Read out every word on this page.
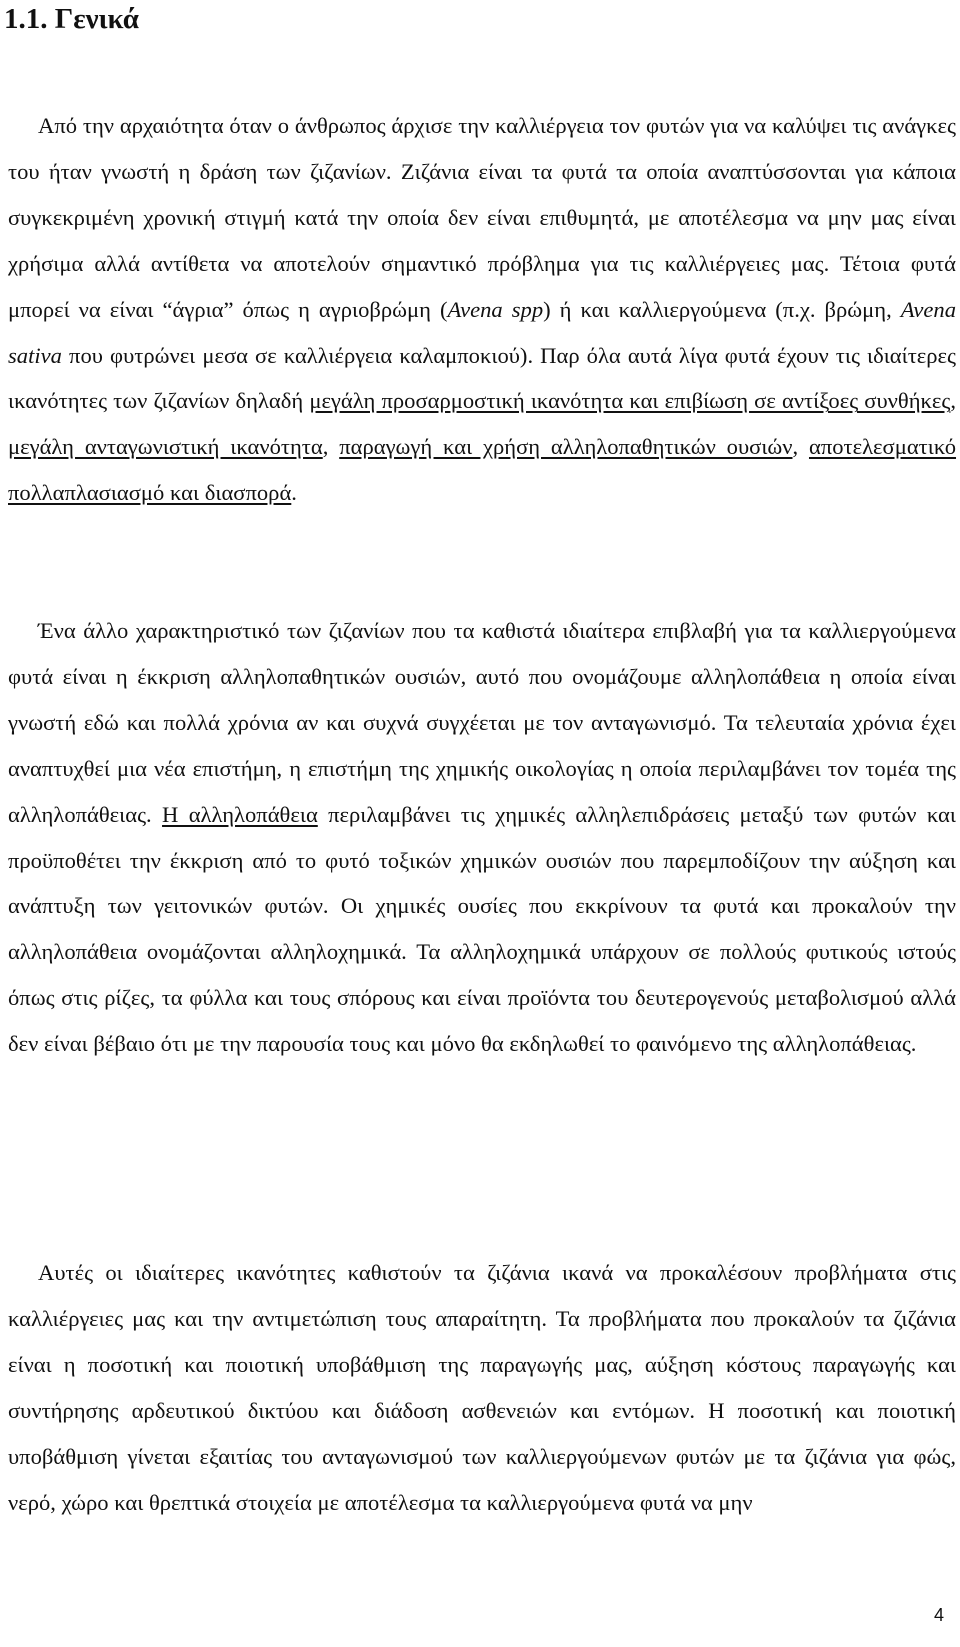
1.1. Γενικά

Από την αρχαιότητα όταν ο άνθρωπος άρχισε την καλλιέργεια τον φυτών για να καλύψει τις ανάγκες του ήταν γνωστή η δράση των ζιζανίων. Ζιζάνια είναι τα φυτά τα οποία αναπτύσσονται για κάποια συγκεκριμένη χρονική στιγμή κατά την οποία δεν είναι επιθυμητά, με αποτέλεσμα να μην μας είναι χρήσιμα αλλά αντίθετα να αποτελούν σημαντικό πρόβλημα για τις καλλιέργειες μας. Τέτοια φυτά μπορεί να είναι “άγρια” όπως η αγριοβρώμη (Avena spp) ή και καλλιεργούμενα (π.χ. βρώμη, Avena sativa που φυτρώνει μεσα σε καλλιέργεια καλαμποκιού). Παρ όλα αυτά λίγα φυτά έχουν τις ιδιαίτερες ικανότητες των ζιζανίων δηλαδή μεγάλη προσαρμοστική ικανότητα και επιβίωση σε αντίξοες συνθήκες, μεγάλη ανταγωνιστική ικανότητα, παραγωγή και χρήση αλληλοπαθητικών ουσιών, αποτελεσματικό πολλαπλασιασμό και διασπορά.

Ένα άλλο χαρακτηριστικό των ζιζανίων που τα καθιστά ιδιαίτερα επιβλαβή για τα καλλιεργούμενα φυτά είναι η έκκριση αλληλοπαθητικών ουσιών, αυτό που ονομάζουμε αλληλοπάθεια η οποία είναι γνωστή εδώ και πολλά χρόνια αν και συχνά συγχέεται με τον ανταγωνισμό. Τα τελευταία χρόνια έχει αναπτυχθεί μια νέα επιστήμη, η επιστήμη της χημικής οικολογίας η οποία περιλαμβάνει τον τομέα της αλληλοπάθειας. Η αλληλοπάθεια περιλαμβάνει τις χημικές αλληλεπιδράσεις μεταξύ των φυτών και προϋποθέτει την έκκριση από το φυτό τοξικών χημικών ουσιών που παρεμποδίζουν την αύξηση και ανάπτυξη των γειτονικών φυτών. Οι χημικές ουσίες που εκκρίνουν τα φυτά και προκαλούν την αλληλοπάθεια ονομάζονται αλληλοχημικά. Τα αλληλοχημικά υπάρχουν σε πολλούς φυτικούς ιστούς όπως στις ρίζες, τα φύλλα και τους σπόρους και είναι προϊόντα του δευτερογενούς μεταβολισμού αλλά δεν είναι βέβαιο ότι με την παρουσία τους και μόνο θα εκδηλωθεί το φαινόμενο της αλληλοπάθειας.

Αυτές οι ιδιαίτερες ικανότητες καθιστούν τα ζιζάνια ικανά να προκαλέσουν προβλήματα στις καλλιέργειες μας και την αντιμετώπιση τους απαραίτητη. Τα προβλήματα που προκαλούν τα ζιζάνια είναι η ποσοτική και ποιοτική υποβάθμιση της παραγωγής μας, αύξηση κόστους παραγωγής και συντήρησης αρδευτικού δικτύου και διάδοση ασθενειών και εντόμων. Η ποσοτική και ποιοτική υποβάθμιση γίνεται εξαιτίας του ανταγωνισμού των καλλιεργούμενων φυτών με τα ζιζάνια για φώς, νερό, χώρο και θρεπτικά στοιχεία με αποτέλεσμα τα καλλιεργούμενα φυτά να μην

4
